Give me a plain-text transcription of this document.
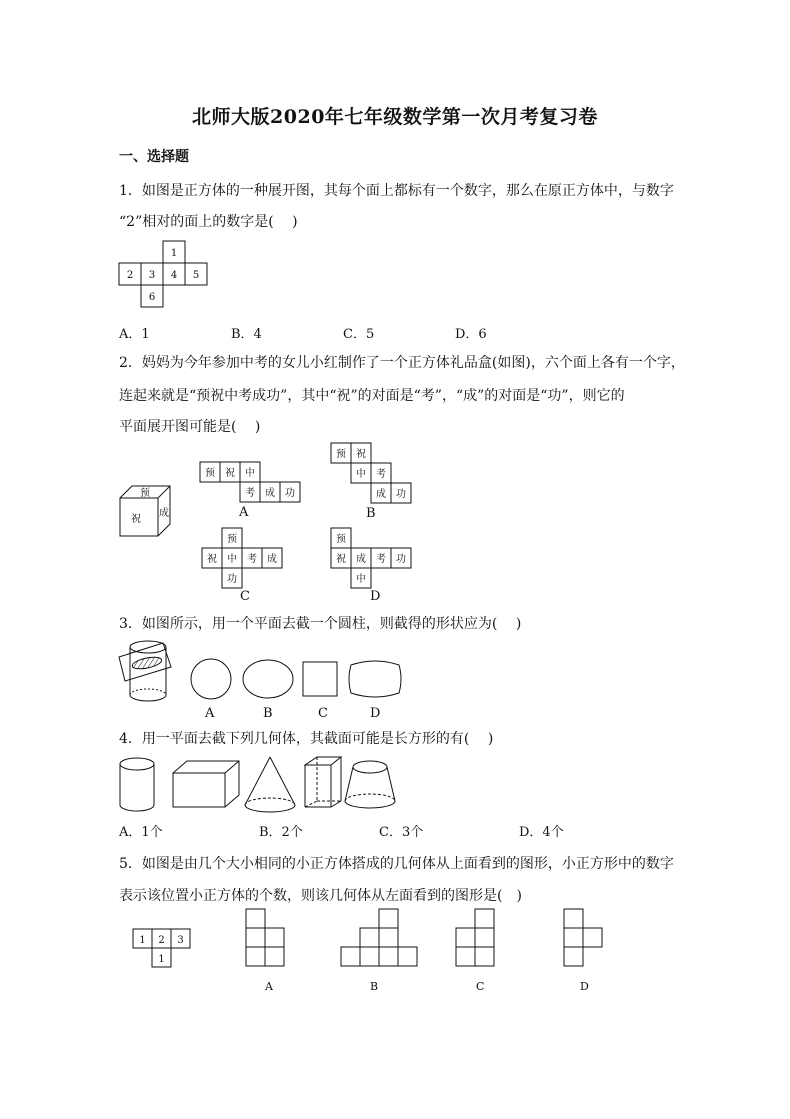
北师大版2020年七年级数学第一次月考复习卷
一、选择题
1．如图是正方体的一种展开图，其每个面上都标有一个数字，那么在原正方体中，与数字
“2”相对的面上的数字是(　 )
1
2 3 4 5
6
A．1	B．4	C．5	D．6
2．妈妈为今年参加中考的女儿小红制作了一个正方体礼品盒(如图)，六个面上各有一个字，
连起来就是“预祝中考成功”，其中“祝”的对面是“考”，“成”的对面是“功”，则它的
平面展开图可能是(　 )
预
祝
成
预 祝 中
考 成 功
A
预 祝
中 考
成 功
B
预
祝 中 考 成
功
C
预
祝 成 考 功
中
D
3．如图所示，用一个平面去截一个圆柱，则截得的形状应为(　 )
A	B	C	D
4．用一平面去截下列几何体，其截面可能是长方形的有(　 )
A．1个	B．2个	C．3个	D．4个
5．如图是由几个大小相同的小正方体搭成的几何体从上面看到的图形，小正方形中的数字
表示该位置小正方体的个数，则该几何体从左面看到的图形是(　)
1 2 3
1
A	B	C	D
